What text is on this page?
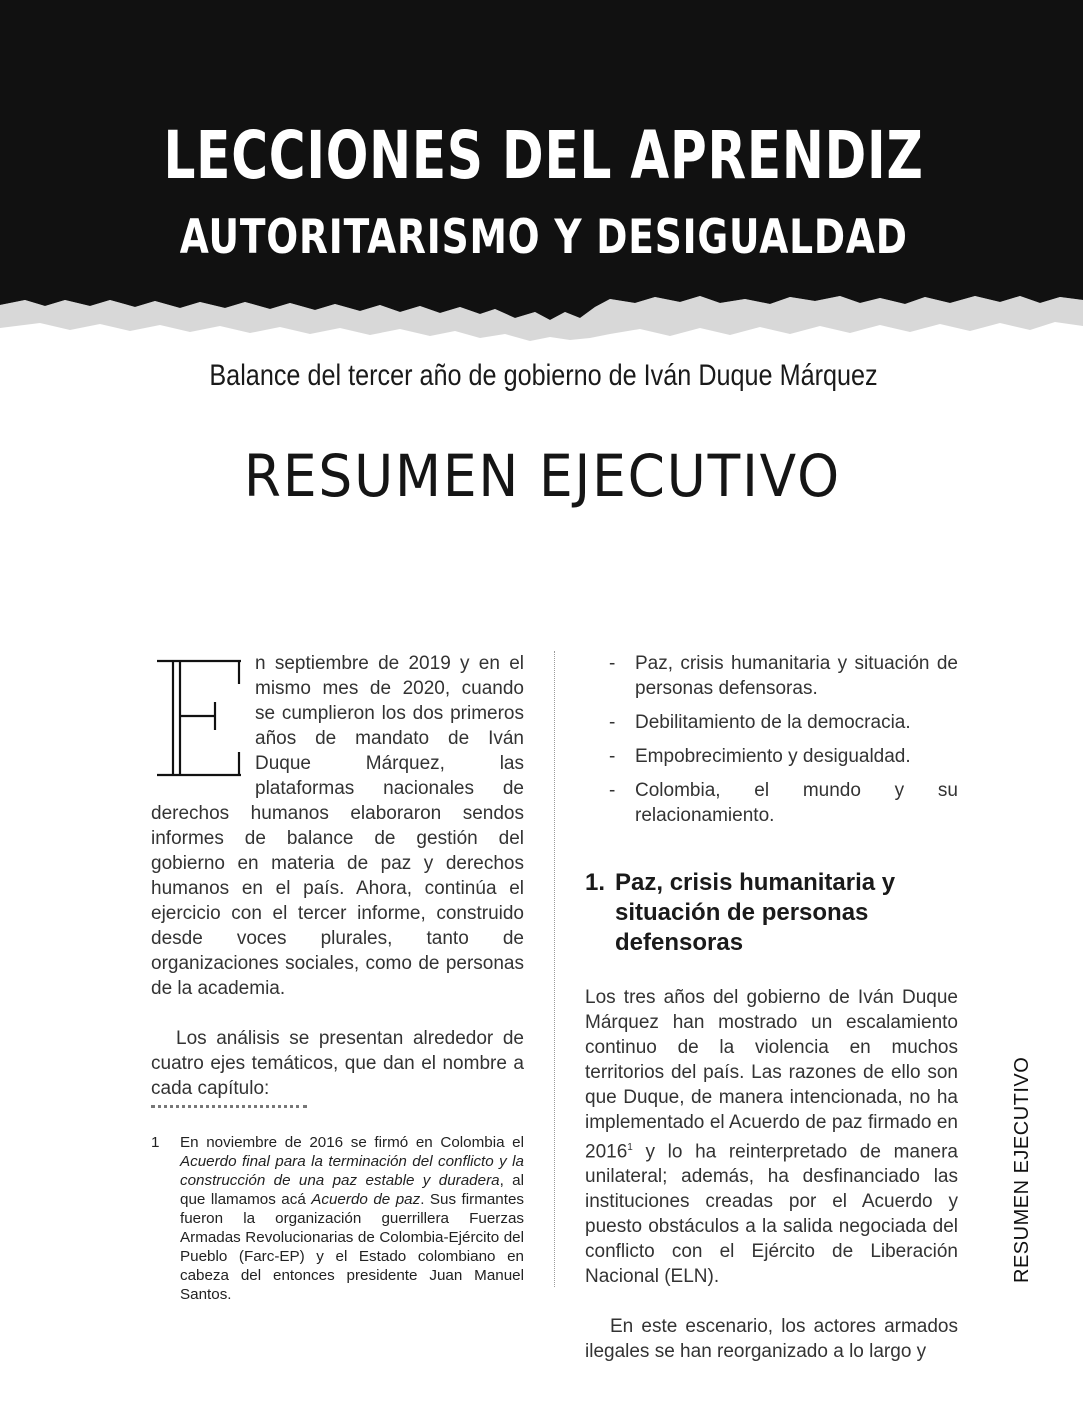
LECCIONES DEL APRENDIZ
AUTORITARISMO Y DESIGUALDAD
Balance del tercer año de gobierno de Iván Duque Márquez
RESUMEN EJECUTIVO

n septiembre de 2019 y en el mismo mes de 2020, cuando se cumplieron los dos primeros años de mandato de Iván Duque Márquez, las plataformas nacionales de derechos humanos elaboraron sendos informes de balance de gestión del gobierno en materia de paz y derechos humanos en el país. Ahora, continúa el ejercicio con el tercer informe, construido desde voces plurales, tanto de organizaciones sociales, como de personas de la academia.

Los análisis se presentan alrededor de cuatro ejes temáticos, que dan el nombre a cada capítulo:

1 En noviembre de 2016 se firmó en Colombia el Acuerdo final para la terminación del conflicto y la construcción de una paz estable y duradera, al que llamamos acá Acuerdo de paz. Sus firmantes fueron la organización guerrillera Fuerzas Armadas Revolucionarias de Colombia-Ejército del Pueblo (Farc-EP) y el Estado colombiano en cabeza del entonces presidente Juan Manuel Santos.

- Paz, crisis humanitaria y situación de personas defensoras.
- Debilitamiento de la democracia.
- Empobrecimiento y desigualdad.
- Colombia, el mundo y su relacionamiento.
1. Paz, crisis humanitaria y situación de personas defensoras

Los tres años del gobierno de Iván Duque Márquez han mostrado un escalamiento continuo de la violencia en muchos territorios del país. Las razones de ello son que Duque, de manera intencionada, no ha implementado el Acuerdo de paz firmado en 2016$^1$ y lo ha reinterpretado de manera unilateral; además, ha desfinanciado las instituciones creadas por el Acuerdo y puesto obstáculos a la salida negociada del conflicto con el Ejército de Liberación Nacional (ELN).

En este escenario, los actores armados ilegales se han reorganizado a lo largo y

RESUMEN EJECUTIVO
